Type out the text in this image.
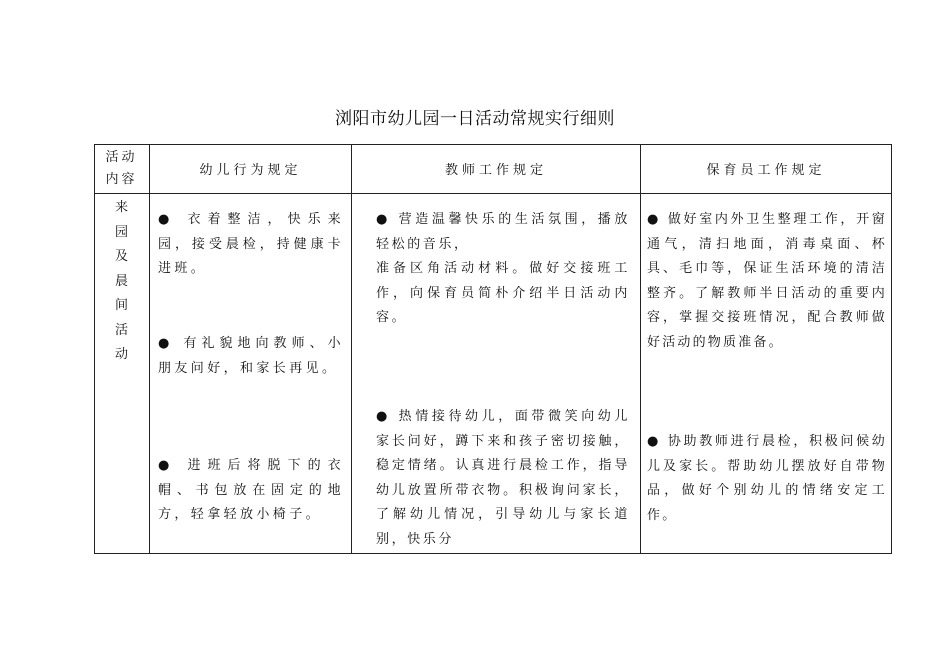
浏阳市幼儿园一日活动常规实行细则
活动
内容
幼儿行为规定	教师工作规定	保育员工作规定
来
园
及
晨
间
活
动
● 衣着整洁，快乐来园，接受晨检，持健康卡进班。
● 有礼貌地向教师、小朋友问好，和家长再见。
● 进班后将脱下的衣帽、书包放在固定的地方，轻拿轻放小椅子。
● 营造温馨快乐的生活氛围，播放轻松的音乐，
准备区角活动材料。做好交接班工作，向保育员简朴介绍半日活动内容。
● 热情接待幼儿，面带微笑向幼儿家长问好，蹲下来和孩子密切接触，稳定情绪。认真进行晨检工作，指导幼儿放置所带衣物。积极询问家长，了解幼儿情况，引导幼儿与家长道别，快乐分
● 做好室内外卫生整理工作，开窗通气，清扫地面，消毒桌面、杯具、毛巾等，保证生活环境的清洁整齐。了解教师半日活动的重要内容，掌握交接班情况，配合教师做好活动的物质准备。
● 协助教师进行晨检，积极问候幼儿及家长。帮助幼儿摆放好自带物品，做好个别幼儿的情绪安定工作。
